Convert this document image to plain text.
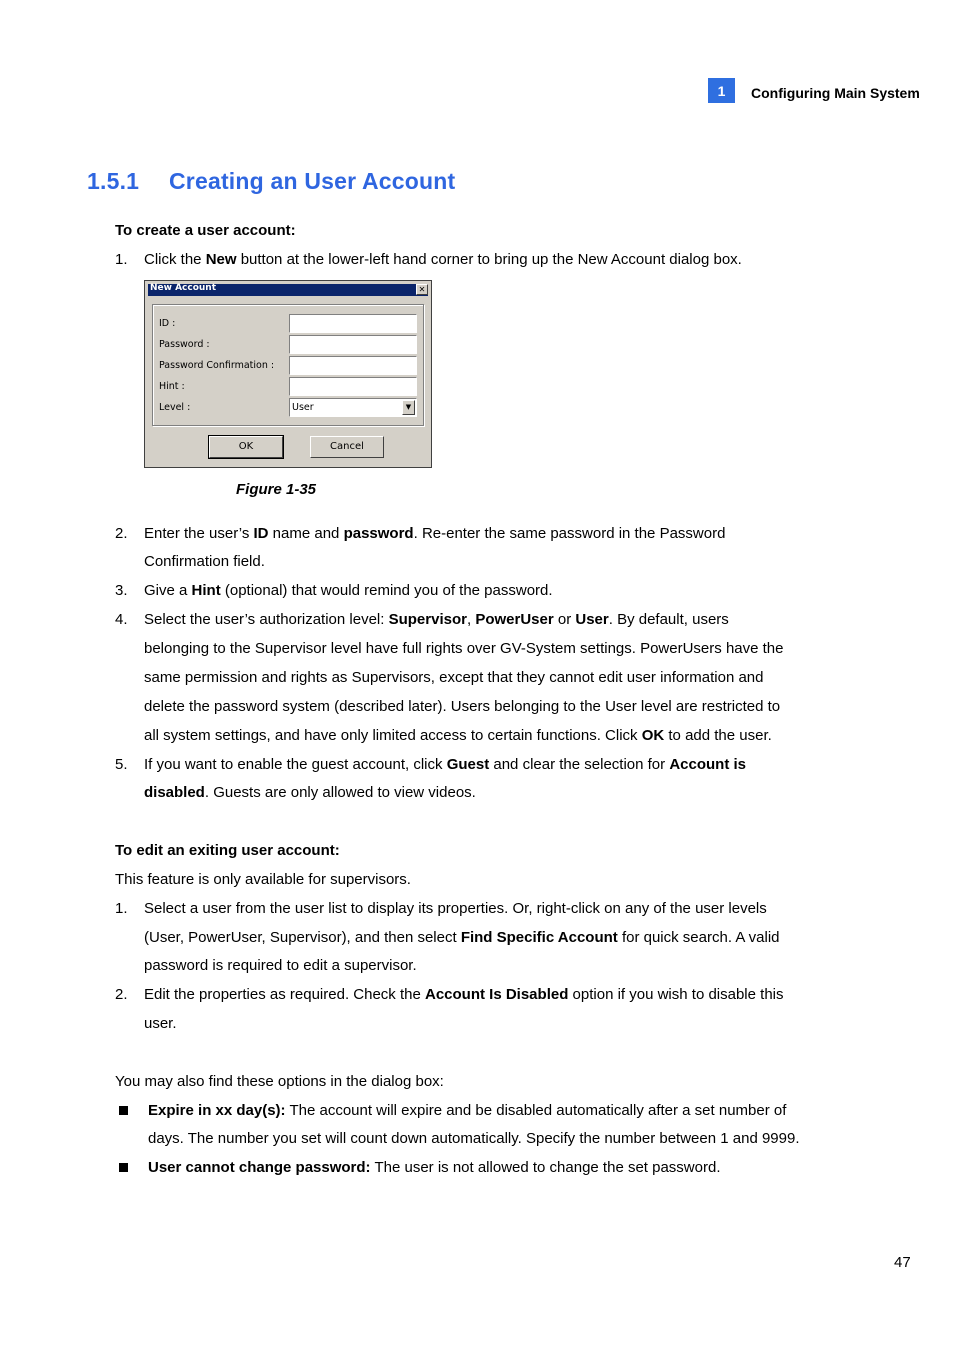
1	Configuring Main System
1.5.1 Creating an User Account
To create a user account:
1. Click the New button at the lower-left hand corner to bring up the New Account dialog box.
New Account	✕
ID :
Password :
Password Confirmation :
Hint :
Level :	User	▼
OK	Cancel
Figure 1-35
2. Enter the user’s ID name and password. Re-enter the same password in the Password
Confirmation field.
3. Give a Hint (optional) that would remind you of the password.
4. Select the user’s authorization level: Supervisor, PowerUser or User. By default, users
belonging to the Supervisor level have full rights over GV-System settings. PowerUsers have the
same permission and rights as Supervisors, except that they cannot edit user information and
delete the password system (described later). Users belonging to the User level are restricted to
all system settings, and have only limited access to certain functions. Click OK to add the user.
5. If you want to enable the guest account, click Guest and clear the selection for Account is
disabled. Guests are only allowed to view videos.
To edit an exiting user account:
This feature is only available for supervisors.
1. Select a user from the user list to display its properties. Or, right-click on any of the user levels
(User, PowerUser, Supervisor), and then select Find Specific Account for quick search. A valid
password is required to edit a supervisor.
2. Edit the properties as required. Check the Account Is Disabled option if you wish to disable this
user.
You may also find these options in the dialog box:
Expire in xx day(s): The account will expire and be disabled automatically after a set number of
days. The number you set will count down automatically. Specify the number between 1 and 9999.
User cannot change password: The user is not allowed to change the set password.
47
